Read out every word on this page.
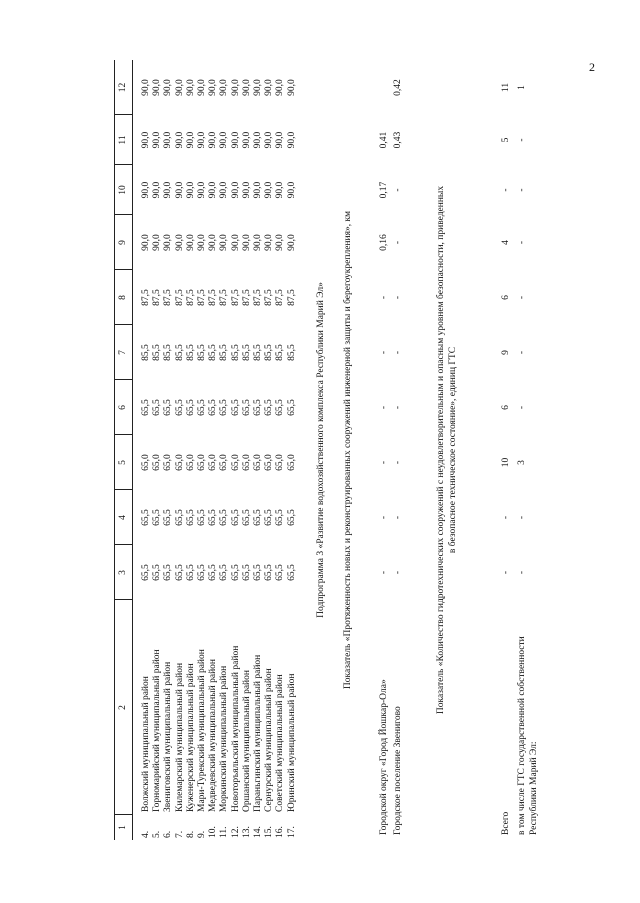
2
1
2
3
4
5
6
7
8
9
10
11
12
4.
Волжский муниципальный район
65,5
65,5
65,0
65,5
85,5
87,5
90,0
90,0
90,0
90,0
5.
Горномарийский муниципальный район
65,5
65,5
65,0
65,5
85,5
87,5
90,0
90,0
90,0
90,0
6.
Звениговский муниципальный район
65,5
65,5
65,0
65,5
85,5
87,5
90,0
90,0
90,0
90,0
7.
Килемарский муниципальный район
65,5
65,5
65,0
65,5
85,5
87,5
90,0
90,0
90,0
90,0
8.
Куженерский муниципальный район
65,5
65,5
65,0
65,5
85,5
87,5
90,0
90,0
90,0
90,0
9.
Мари-Турекский муниципальный район
65,5
65,5
65,0
65,5
85,5
87,5
90,0
90,0
90,0
90,0
10.
Медведевский муниципальный район
65,5
65,5
65,0
65,5
85,5
87,5
90,0
90,0
90,0
90,0
11.
Моркинский муниципальный район
65,5
65,5
65,0
65,5
85,5
87,5
90,0
90,0
90,0
90,0
12.
Новоторъяльский муниципальный район
65,5
65,5
65,0
65,5
85,5
87,5
90,0
90,0
90,0
90,0
13.
Оршанский муниципальный район
65,5
65,5
65,0
65,5
85,5
87,5
90,0
90,0
90,0
90,0
14.
Параньгинский муниципальный район
65,5
65,5
65,0
65,5
85,5
87,5
90,0
90,0
90,0
90,0
15.
Сернурский муниципальный район
65,5
65,5
65,0
65,5
85,5
87,5
90,0
90,0
90,0
90,0
16.
Советский муниципальный район
65,5
65,5
65,0
65,5
85,5
87,5
90,0
90,0
90,0
90,0
17.
Юринский муниципальный район
65,5
65,5
65,0
65,5
85,5
87,5
90,0
90,0
90,0
90,0
Подпрограмма 3 «Развитие водохозяйственного комплекса Республики Марий Эл» Показатель «Протяженность новых и реконструированных сооружений инженерной защиты и берегоукрепления», км
Городской округ «Город Йошкар-Ола»
-
-
-
-
-
-
0,16
0,17
0,41
Городское поселение Звенигово
-
-
-
-
-
-
-
-
0,43
0,42
Показатель «Количество гидротехнических сооружений с неудовлетворительным и опасным уровнем безопасности, приведенных в безопасное техническое состояние», единиц ГТС
Всего
-
-
10
6
9
6
4
-
5
11
в том числе ГТС государственной собственности Республики Марий Эл:
-
-
3
-
-
-
-
-
-
1
